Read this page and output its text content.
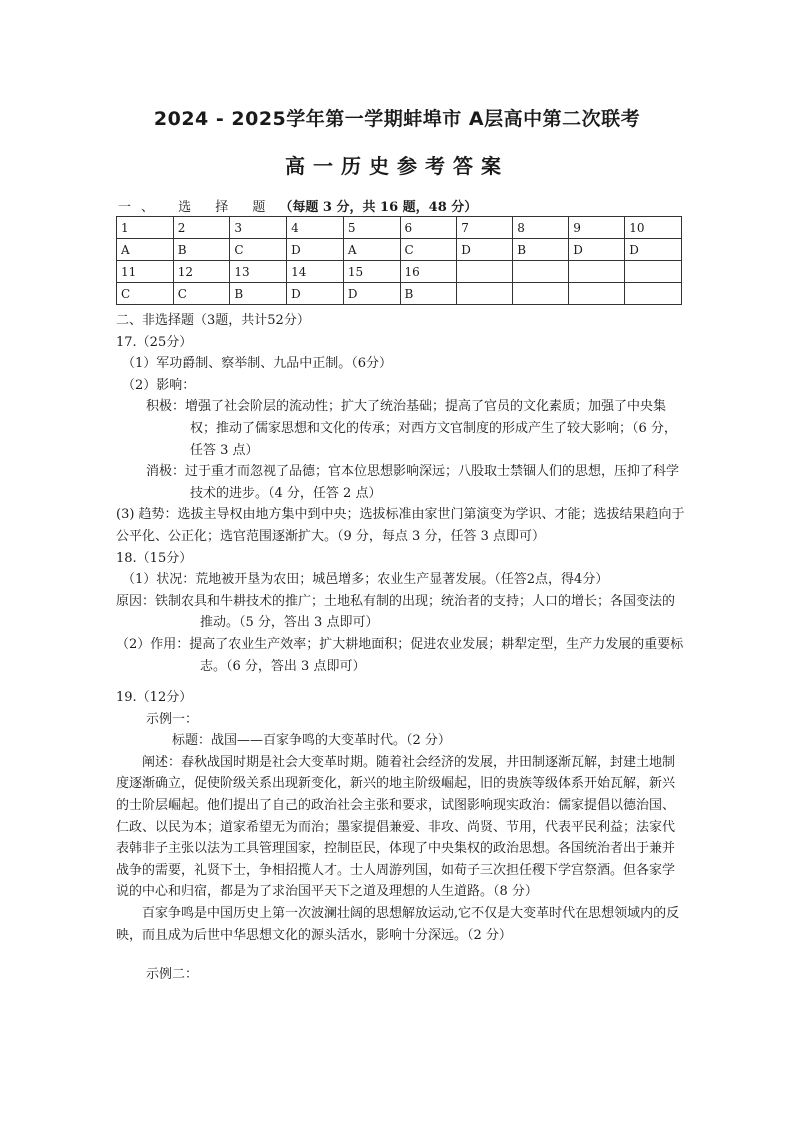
2024 - 2025学年第一学期蚌埠市 A层高中第二次联考
高一历史参考答案
一、 选 择 题 （每题 3 分，共 16 题，48 分）
1	2	3	4	5	6	7	8	9	10
A	B	C	D	A	C	D	B	D	D
11	12	13	14	15	16				
C	C	B	D	D	B				

二、非选择题（3题，共计52分）

17.（25分）

（1）军功爵制、察举制、九品中正制。（6分）

（2）影响：

积极：增强了社会阶层的流动性；扩大了统治基础；提高了官员的文化素质；加强了中央集权；推动了儒家思想和文化的传承；对西方文官制度的形成产生了较大影响；（6 分，任答 3 点）

消极：过于重才而忽视了品德；官本位思想影响深远；八股取士禁锢人们的思想，压抑了科学技术的进步。（4 分，任答 2 点）

(3) 趋势：选拔主导权由地方集中到中央；选拔标准由家世门第演变为学识、才能；选拔结果趋向于公平化、公正化；选官范围逐渐扩大。（9 分，每点 3 分，任答 3 点即可）

18.（15分）

（1）状况：荒地被开垦为农田；城邑增多；农业生产显著发展。（任答2点，得4分）

原因：铁制农具和牛耕技术的推广；土地私有制的出现；统治者的支持；人口的增长；各国变法的推动。（5 分，答出 3 点即可）

（2）作用：提高了农业生产效率；扩大耕地面积；促进农业发展；耕犁定型，生产力发展的重要标志。（6 分，答出 3 点即可）

19.（12分）

示例一：

标题：战国——百家争鸣的大变革时代。（2 分）

阐述：春秋战国时期是社会大变革时期。随着社会经济的发展，井田制逐渐瓦解，封建土地制度逐渐确立，促使阶级关系出现新变化，新兴的地主阶级崛起，旧的贵族等级体系开始瓦解，新兴的士阶层崛起。他们提出了自己的政治社会主张和要求，试图影响现实政治：儒家提倡以德治国、仁政、以民为本；道家希望无为而治；墨家提倡兼爱、非攻、尚贤、节用，代表平民利益；法家代表韩非子主张以法为工具管理国家，控制臣民，体现了中央集权的政治思想。各国统治者出于兼并战争的需要，礼贤下士，争相招揽人才。士人周游列国，如荀子三次担任稷下学宫祭酒。但各家学说的中心和归宿，都是为了求治国平天下之道及理想的人生道路。（8 分）

百家争鸣是中国历史上第一次波澜壮阔的思想解放运动,它不仅是大变革时代在思想领域内的反映，而且成为后世中华思想文化的源头活水，影响十分深远。（2 分）

示例二：
